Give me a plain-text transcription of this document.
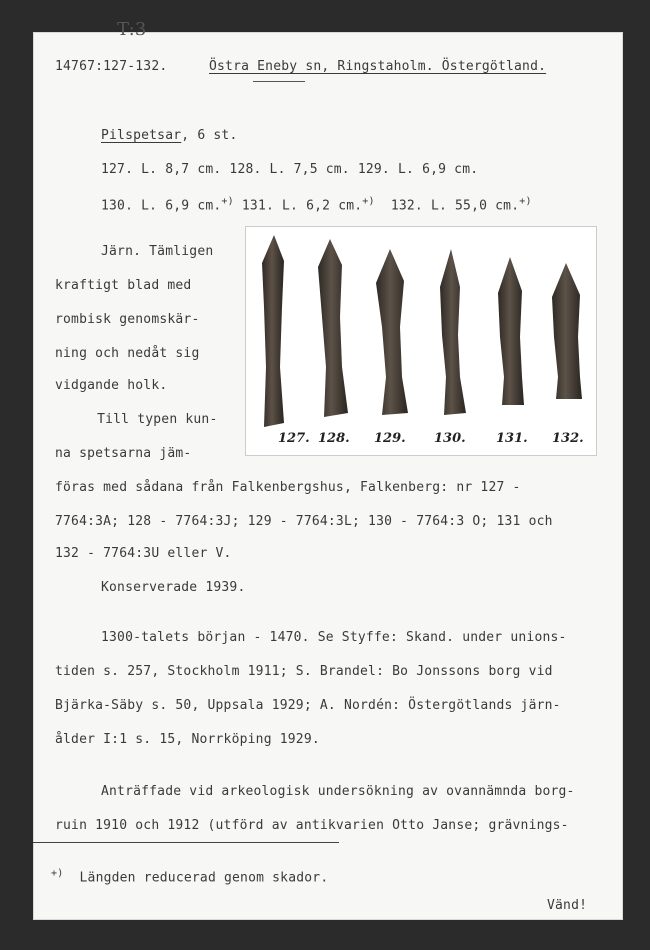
T:3
14767:127-132.	Östra Eneby sn, Ringstaholm. Östergötland.
Pilspetsar, 6 st.
127. L. 8,7 cm. 128. L. 7,5 cm. 129. L. 6,9 cm.
130. L. 6,9 cm.+) 131. L. 6,2 cm.+) 132. L. 55,0 cm.+)
Järn. Tämligen
kraftigt blad med
rombisk genomskär-
ning och nedåt sig
vidgande holk.
Till typen kun-
na spetsarna jäm-
127. 128. 129. 130. 131. 132.
föras med sådana från Falkenbergshus, Falkenberg: nr 127 -
7764:3A; 128 - 7764:3J; 129 - 7764:3L; 130 - 7764:3 O; 131 och
132 - 7764:3U eller V.
Konserverade 1939.
1300-talets början - 1470. Se Styffe: Skand. under unions-
tiden s. 257, Stockholm 1911; S. Brandel: Bo Jonssons borg vid
Bjärka-Säby s. 50, Uppsala 1929; A. Nordén: Östergötlands järn-
ålder I:1 s. 15, Norrköping 1929.
Anträffade vid arkeologisk undersökning av ovannämnda borg-
ruin 1910 och 1912 (utförd av antikvarien Otto Janse; grävnings-
+) Längden reducerad genom skador.
Vänd!
